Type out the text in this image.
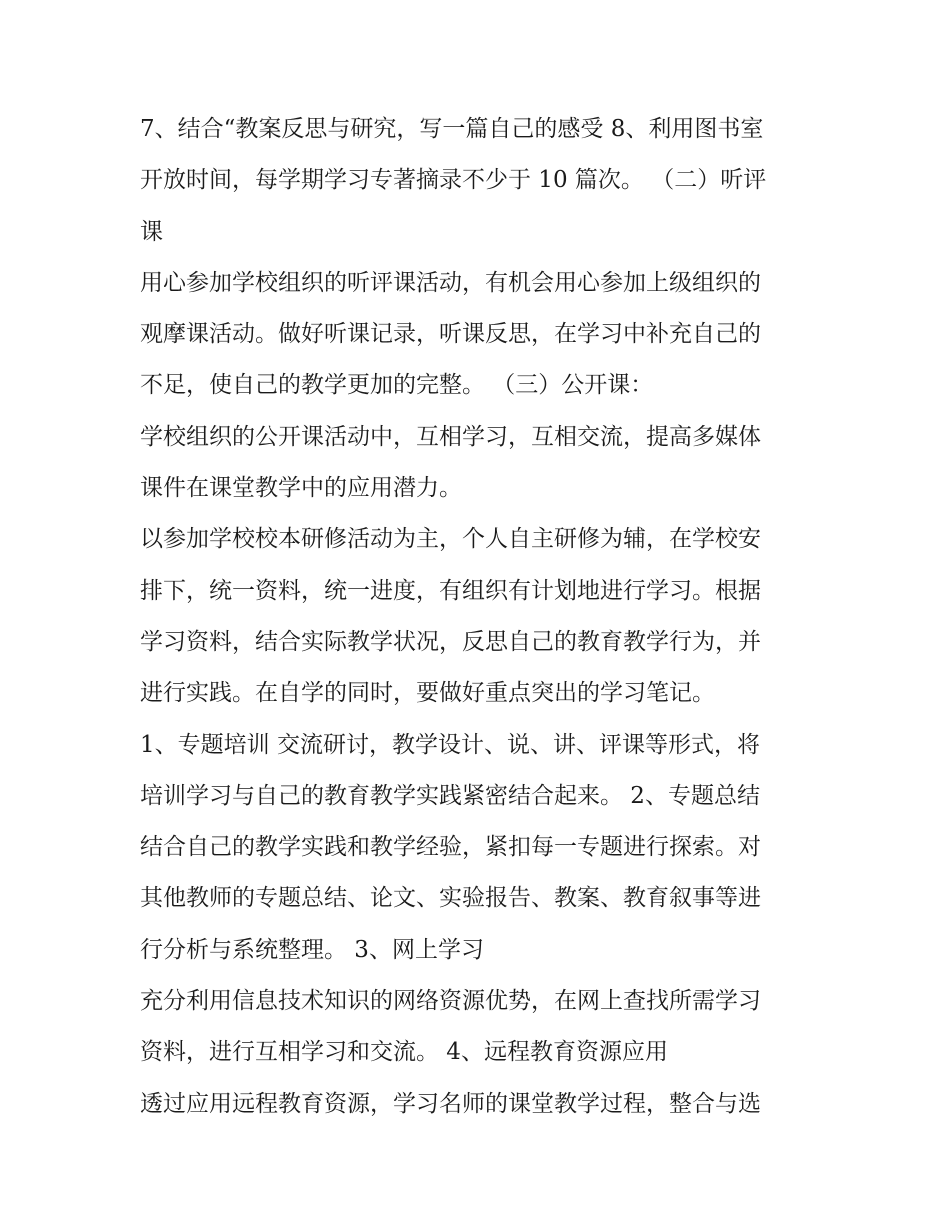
7、结合“教案反思与研究，写一篇自己的感受 8、利用图书室
开放时间，每学期学习专著摘录不少于 10 篇次。 （二）听评
课
用心参加学校组织的听评课活动，有机会用心参加上级组织的
观摩课活动。做好听课记录，听课反思，在学习中补充自己的
不足，使自己的教学更加的完整。 （三）公开课：
学校组织的公开课活动中，互相学习，互相交流，提高多媒体
课件在课堂教学中的应用潜力。
以参加学校校本研修活动为主，个人自主研修为辅，在学校安
排下，统一资料，统一进度，有组织有计划地进行学习。根据
学习资料，结合实际教学状况，反思自己的教育教学行为，并
进行实践。在自学的同时，要做好重点突出的学习笔记。
1、专题培训 交流研讨，教学设计、说、讲、评课等形式，将
培训学习与自己的教育教学实践紧密结合起来。 2、专题总结
结合自己的教学实践和教学经验，紧扣每一专题进行探索。对
其他教师的专题总结、论文、实验报告、教案、教育叙事等进
行分析与系统整理。 3、网上学习
充分利用信息技术知识的网络资源优势，在网上查找所需学习
资料，进行互相学习和交流。 4、远程教育资源应用
透过应用远程教育资源，学习名师的课堂教学过程，整合与选
